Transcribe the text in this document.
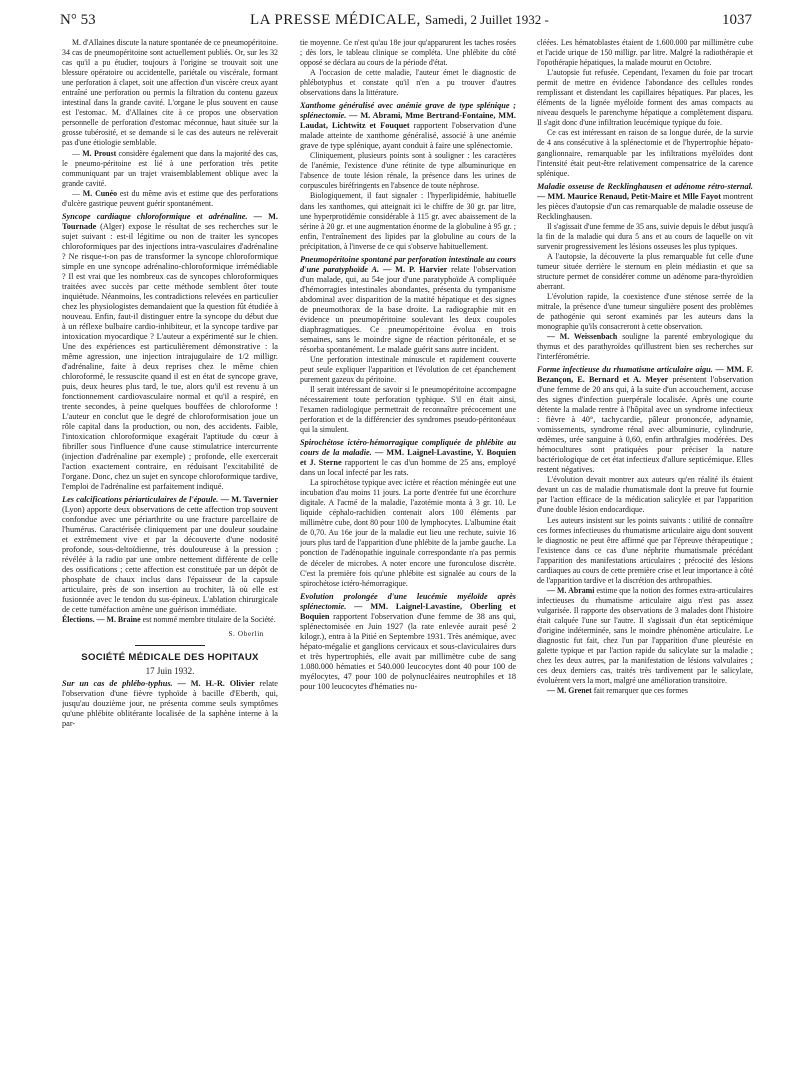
N° 53	LA PRESSE MÉDICALE, Samedi, 2 Juillet 1932 -	1037

M. d'Allaines discute la nature spontanée de ce pneumopéritoine. 34 cas de pneumopéritoine sont actuellement publiés. Or, sur les 32 cas qu'il a pu étudier, toujours à l'origine se trouvait soit une blessure opératoire ou accidentelle, pariétale ou viscérale, formant une perforation à clapet, soit une affection d'un viscère creux ayant entraîné une perforation ou permis la filtration du contenu gazeux intestinal dans la grande cavité. L'organe le plus souvent en cause est l'estomac. M. d'Allaines cite à ce propos une observation personnelle de perforation d'estomac méconnue, haut située sur la grosse tubérosité, et se demande si le cas des auteurs ne relèverait pas d'une étiologie semblable.

— M. Proust considère également que dans la majorité des cas, le pneumo-péritoine est lié à une perforation très petite communiquant par un trajet vraisemblablement oblique avec la grande cavité.

— M. Cunéo est du même avis et estime que des perforations d'ulcère gastrique peuvent guérir spontanément.

Syncope cardiaque chloroformique et adrénaline. — M. Tournade (Alger) expose le résultat de ses recherches sur le sujet suivant : est-il légitime ou non de traiter les syncopes chloroformiques par des injections intra-vasculaires d'adrénaline ? Ne risque-t-on pas de transformer la syncope chloroformique simple en une syncope adrénalino-chloroformique irrémédiable ? Il est vrai que les nombreux cas de syncopes chloroformiques traitées avec succès par cette méthode semblent ôter toute inquiétude. Néanmoins, les contradictions relevées en particulier chez les physiologistes demandaient que la question fût étudiée à nouveau. Enfin, faut-il distinguer entre la syncope du début due à un réflexe bulbaire cardio-inhibiteur, et la syncope tardive par intoxication myocardique ? L'auteur a expérimenté sur le chien. Une des expériences est particulièrement démonstrative : la même agression, une injection intrajugulaire de 1/2 milligr. d'adrénaline, faite à deux reprises chez le même chien chloroformé, le ressuscite quand il est en état de syncope grave, puis, deux heures plus tard, le tue, alors qu'il est revenu à un fonctionnement cardiovasculaire normal et qu'il a respiré, en trente secondes, à peine quelques bouffées de chloroforme ! L'auteur en conclut que le degré de chloroformisation joue un rôle capital dans la production, ou non, des accidents. Faible, l'intoxication chloroformique exagérait l'aptitude du cœur à fibriller sous l'influence d'une cause stimulatrice intercurrente (injection d'adrénaline par exemple) ; profonde, elle exercerait l'action exactement contraire, en réduisant l'excitabilité de l'organe. Donc, chez un sujet en syncope chloroformique tardive, l'emploi de l'adrénaline est parfaitement indiqué.
Les calcifications périarticulaires de l'épaule. — M. Tavernier (Lyon) apporte deux observations de cette affection trop souvent confondue avec une périarthrite ou une fracture parcellaire de l'humérus. Caractérisée cliniquement par une douleur soudaine et extrêmement vive et par la découverte d'une nodosité profonde, sous-deltoïdienne, très douloureuse à la pression ; révélée à la radio par une ombre nettement différente de celle des ossifications ; cette affection est constituée par un dépôt de phosphate de chaux inclus dans l'épaisseur de la capsule articulaire, près de son insertion au trochiter, là où elle est fusionnée avec le tendon du sus-épineux. L'ablation chirurgicale de cette tuméfaction amène une guérison immédiate.

Élections. — M. Braine est nommé membre titulaire de la Société.

S. Oberlin
SOCIÉTÉ MÉDICALE DES HOPITAUX
17 Juin 1932.
Sur un cas de phlébo-typhus. — M. H.-R. Olivier relate l'observation d'une fièvre typhoïde à bacille d'Eberth, qui, jusqu'au douzième jour, ne présenta comme seuls symptômes qu'une phlébite oblitérante localisée de la saphène interne à la par-

tie moyenne. Ce n'est qu'au 18e jour qu'apparurent les taches rosées ; dès lors, le tableau clinique se compléta. Une phlébite du côté opposé se déclara au cours de la période d'état.

A l'occasion de cette maladie, l'auteur émet le diagnostic de phlébotyphus et constate qu'il n'en a pu trouver d'autres observations dans la littérature.

Xanthome généralisé avec anémie grave de type splénique ; splénectomie. — M. Abrami, Mme Bertrand-Fontaine, MM. Laudat, Lichtwitz et Fouquet rapportent l'observation d'une malade atteinte de xanthome généralisé, associé à une anémie grave de type splénique, ayant conduit à faire une splénectomie.

Cliniquement, plusieurs points sont à souligner : les caractères de l'anémie, l'existence d'une rétinite de type albuminurique en l'absence de toute lésion rénale, la présence dans les urines de corpuscules biréfringents en l'absence de toute néphrose.

Biologiquement, il faut signaler : l'hyperlipidémie, habituelle dans les xanthomes, qui atteignait ici le chiffre de 30 gr. par litre, une hyperprotidémie considérable à 115 gr. avec abaissement de la sérine à 20 gr. et une augmentation énorme de la globuline à 95 gr. ; enfin, l'entraînement des lipides par la globuline au cours de la précipitation, à l'inverse de ce qui s'observe habituellement.

Pneumopéritoine spontané par perforation intestinale au cours d'une paratyphoïde A. — M. P. Harvier relate l'observation d'un malade, qui, au 54e jour d'une paratyphoïde A compliquée d'hémorragies intestinales abondantes, présenta du tympanisme abdominal avec disparition de la matité hépatique et des signes de pneumothorax de la base droite. La radiographie mit en évidence un pneumopéritoine soulevant les deux coupoles diaphragmatiques. Ce pneumopéritoine évolua en trois semaines, sans le moindre signe de réaction péritonéale, et se résorba spontanément. Le malade guérit sans autre incident.

Une perforation intestinale minuscule et rapidement couverte peut seule expliquer l'apparition et l'évolution de cet épanchement purement gazeux du péritoine.

Il serait intéressant de savoir si le pneumopéritoine accompagne nécessairement toute perforation typhique. S'il en était ainsi, l'examen radiologique permettrait de reconnaître précocement une perforation et de la différencier des syndromes pseudo-péritonéaux qui la simulent.

Spirochétose ictéro-hémorragique compliquée de phlébite au cours de la maladie. — MM. Laignel-Lavastine, Y. Boquien et J. Sterne rapportent le cas d'un homme de 25 ans, employé dans un local infecté par les rats.

La spirochétose typique avec ictère et réaction méningée eut une incubation d'au moins 11 jours. La porte d'entrée fut une écorchure digitale. A l'acmé de la maladie, l'azotémie monta à 3 gr. 10. Le liquide céphalo-rachidien contenait alors 100 éléments par millimètre cube, dont 80 pour 100 de lymphocytes. L'albumine était de 0,70. Au 16e jour de la maladie eut lieu une rechute, suivie 16 jours plus tard de l'apparition d'une phlébite de la jambe gauche. La ponction de l'adénopathie inguinale correspondante n'a pas permis de déceler de microbes. A noter encore une furonculose discrète. C'est la première fois qu'une phlébite est signalée au cours de la spirochétose ictéro-hémorragique.

Evolution prolongée d'une leucémie myéloïde après splénectomie. — MM. Laignel-Lavastine, Oberling et Boquien rapportent l'observation d'une femme de 38 ans qui, splénectomisée en Juin 1927 (la rate enlevée aurait pesé 2 kilogr.), entra à la Pitié en Septembre 1931. Très anémique, avec hépato-mégalie et ganglions cervicaux et sous-claviculaires durs et très hypertrophiés, elle avait par millimètre cube de sang 1.080.000 hématies et 540.000 leucocytes dont 40 pour 100 de myélocytes, 47 pour 100 de polynucléaires neutrophiles et 18 pour 100 leucocytes d'hématies nu-

cléées. Les hématoblastes étaient de 1.600.000 par millimètre cube et l'acide urique de 150 milligr. par litre. Malgré la radiothérapie et l'opothérapie hépatiques, la malade mourut en Octobre.

L'autopsie fut refusée. Cependant, l'examen du foie par trocart permit de mettre en évidence l'abondance des cellules rondes remplissant et distendant les capillaires hépatiques. Par places, les éléments de la lignée myéloïde forment des amas compacts au niveau desquels le parenchyme hépatique a complètement disparu. Il s'agit donc d'une infiltration leucémique typique du foie.

Ce cas est intéressant en raison de sa longue durée, de la survie de 4 ans consécutive à la splénectomie et de l'hypertrophie hépato-ganglionnaire, remarquable par les infiltrations myéloïdes dont l'intensité était peut-être relativement compensatrice de la carence splénique.

Maladie osseuse de Recklinghausen et adénome rétro-sternal. — MM. Maurice Renaud, Petit-Maire et Mlle Fayot montrent les pièces d'autopsie d'un cas remarquable de maladie osseuse de Recklinghausen.

Il s'agissait d'une femme de 35 ans, suivie depuis le début jusqu'à la fin de la maladie qui dura 5 ans et au cours de laquelle on vit survenir progressivement les lésions osseuses les plus typiques.

A l'autopsie, la découverte la plus remarquable fut celle d'une tumeur située derrière le sternum en plein médiastin et que sa structure permet de considérer comme un adénome para-thyroïdien aberrant.

L'évolution rapide, la coexistence d'une sténose serrée de la mitrale, la présence d'une tumeur singulière posent des problèmes de pathogénie qui seront examinés par les auteurs dans la monographie qu'ils consacreront à cette observation.

— M. Weissenbach souligne la parenté embryologique du thymus et des parathyroïdes qu'illustrent bien ses recherches sur l'interférométrie.

Forme infectieuse du rhumatisme articulaire aigu. — MM. F. Bezançon, E. Bernard et A. Meyer présentent l'observation d'une femme de 20 ans qui, à la suite d'un accouchement, accuse des signes d'infection puerpérale localisée. Après une courte détente la malade rentre à l'hôpital avec un syndrome infectieux : fièvre à 40°, tachycardie, pâleur prononcée, adynamie, vomissements, syndrome rénal avec albuminurie, cylindrurie, œdèmes, urée sanguine à 0,60, enfin arthralgies modérées. Des hémocultures sont pratiquées pour préciser la nature bactériologique de cet état infectieux d'allure septicémique. Elles restent négatives.

L'évolution devait montrer aux auteurs qu'en réalité ils étaient devant un cas de maladie rhumatismale dont la preuve fut fournie par l'action efficace de la médication salicylée et par l'apparition d'une double lésion endocardique.

Les auteurs insistent sur les points suivants : utilité de connaître ces formes infectieuses du rhumatisme articulaire aigu dont souvent le diagnostic ne peut être affirmé que par l'épreuve thérapeutique ; l'existence dans ce cas d'une néphrite rhumatismale précédant l'apparition des manifestations articulaires ; précocité des lésions cardiaques au cours de cette première crise et leur importance à côté de l'apparition tardive et la discrétion des arthropathies.

— M. Abrami estime que la notion des formes extra-articulaires infectieuses du rhumatisme articulaire aigu n'est pas assez vulgarisée. Il rapporte des observations de 3 malades dont l'histoire était calquée l'une sur l'autre. Il s'agissait d'un état septicémique d'origine indéterminée, sans le moindre phénomène articulaire. Le diagnostic fut fait, chez l'un par l'apparition d'une pleurésie en galette typique et par l'action rapide du salicylate sur la maladie ; chez les deux autres, par la manifestation de lésions valvulaires ; ces deux derniers cas, traités très tardivement par le salicylate, évoluèrent vers la mort, malgré une amélioration transitoire.

— M. Grenet fait remarquer que ces formes
